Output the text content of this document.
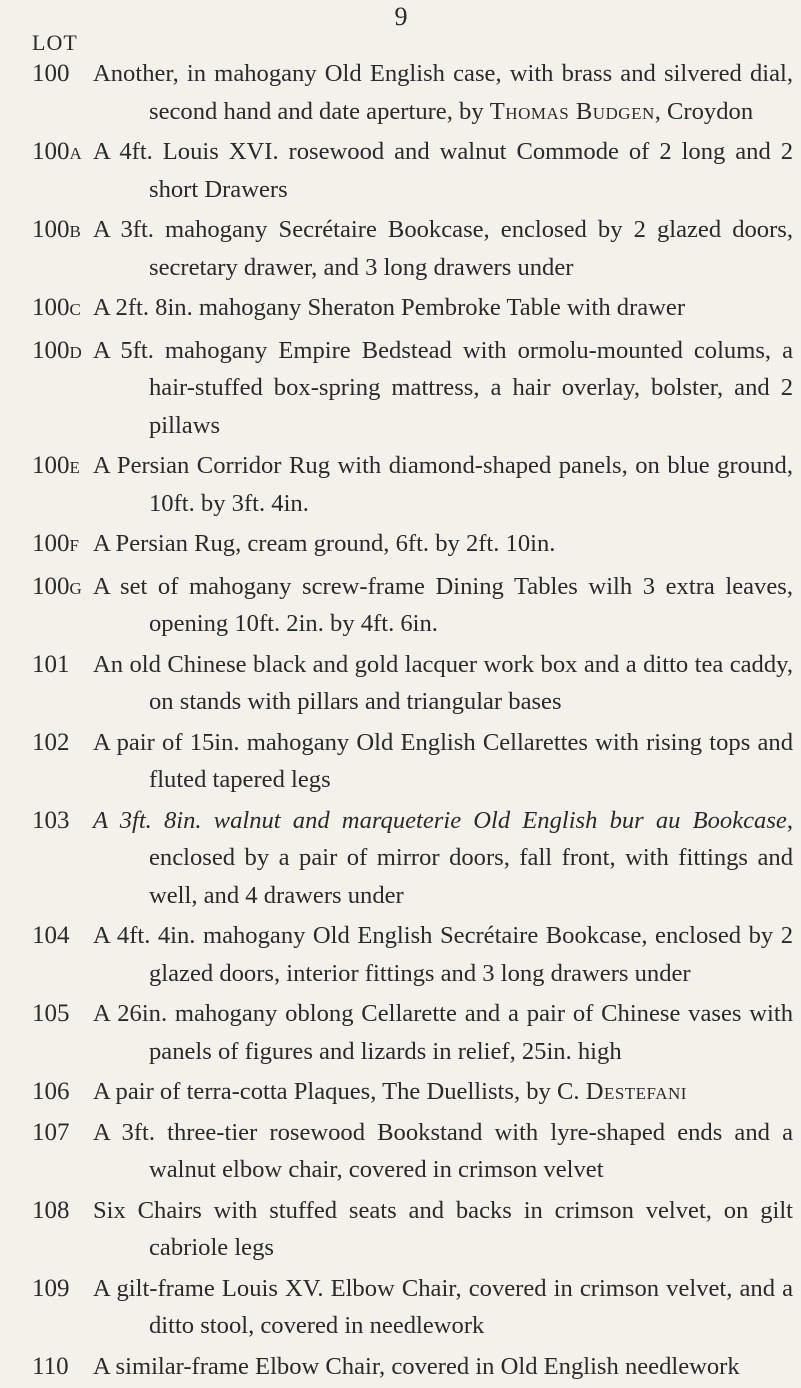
9
LOT
100 Another, in mahogany Old English case, with brass and silvered dial, second hand and date aperture, by Thomas Budgen, Croydon
100A A 4ft. Louis XVI. rosewood and walnut Commode of 2 long and 2 short Drawers
100B A 3ft. mahogany Secrétaire Bookcase, enclosed by 2 glazed doors, secretary drawer, and 3 long drawers under
100C A 2ft. 8in. mahogany Sheraton Pembroke Table with drawer
100D A 5ft. mahogany Empire Bedstead with ormolu-mounted colums, a hair-stuffed box-spring mattress, a hair overlay, bolster, and 2 pillaws
100E A Persian Corridor Rug with diamond-shaped panels, on blue ground, 10ft. by 3ft. 4in.
100F A Persian Rug, cream ground, 6ft. by 2ft. 10in.
100G A set of mahogany screw-frame Dining Tables wilh 3 extra leaves, opening 10ft. 2in. by 4ft. 6in.
101 An old Chinese black and gold lacquer work box and a ditto tea caddy, on stands with pillars and triangular bases
102 A pair of 15in. mahogany Old English Cellarettes with rising tops and fluted tapered legs
103 A 3ft. 8in. walnut and marqueterie Old English bur au Bookcase, enclosed by a pair of mirror doors, fall front, with fittings and well, and 4 drawers under
104 A 4ft. 4in. mahogany Old English Secrétaire Bookcase, enclosed by 2 glazed doors, interior fittings and 3 long drawers under
105 A 26in. mahogany oblong Cellarette and a pair of Chinese vases with panels of figures and lizards in relief, 25in. high
106 A pair of terra-cotta Plaques, The Duellists, by C. Destefani
107 A 3ft. three-tier rosewood Bookstand with lyre-shaped ends and a walnut elbow chair, covered in crimson velvet
108 Six Chairs with stuffed seats and backs in crimson velvet, on gilt cabriole legs
109 A gilt-frame Louis XV. Elbow Chair, covered in crimson velvet, and a ditto stool, covered in needlework
110 A similar-frame Elbow Chair, covered in Old English needlework
